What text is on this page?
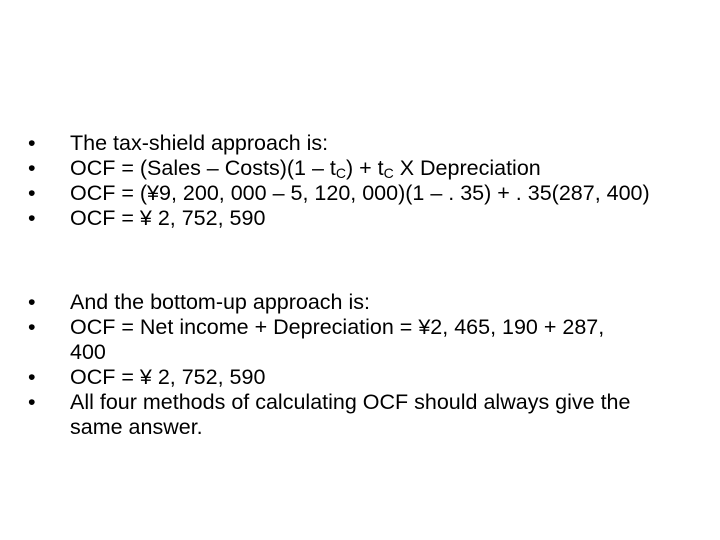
•	The tax-shield approach is:
•	OCF = (Sales – Costs)(1 – $t_C) + t_C$ X Depreciation
•	OCF = (¥9, 200, 000 – 5, 120, 000)(1 – . 35) + . 35(287, 400)
•	OCF = ¥ 2, 752, 590
•	And the bottom-up approach is:
•	OCF = Net income + Depreciation = ¥2, 465, 190 + 287, 400
•	OCF = ¥ 2, 752, 590
•	All four methods of calculating OCF should always give the same answer.
